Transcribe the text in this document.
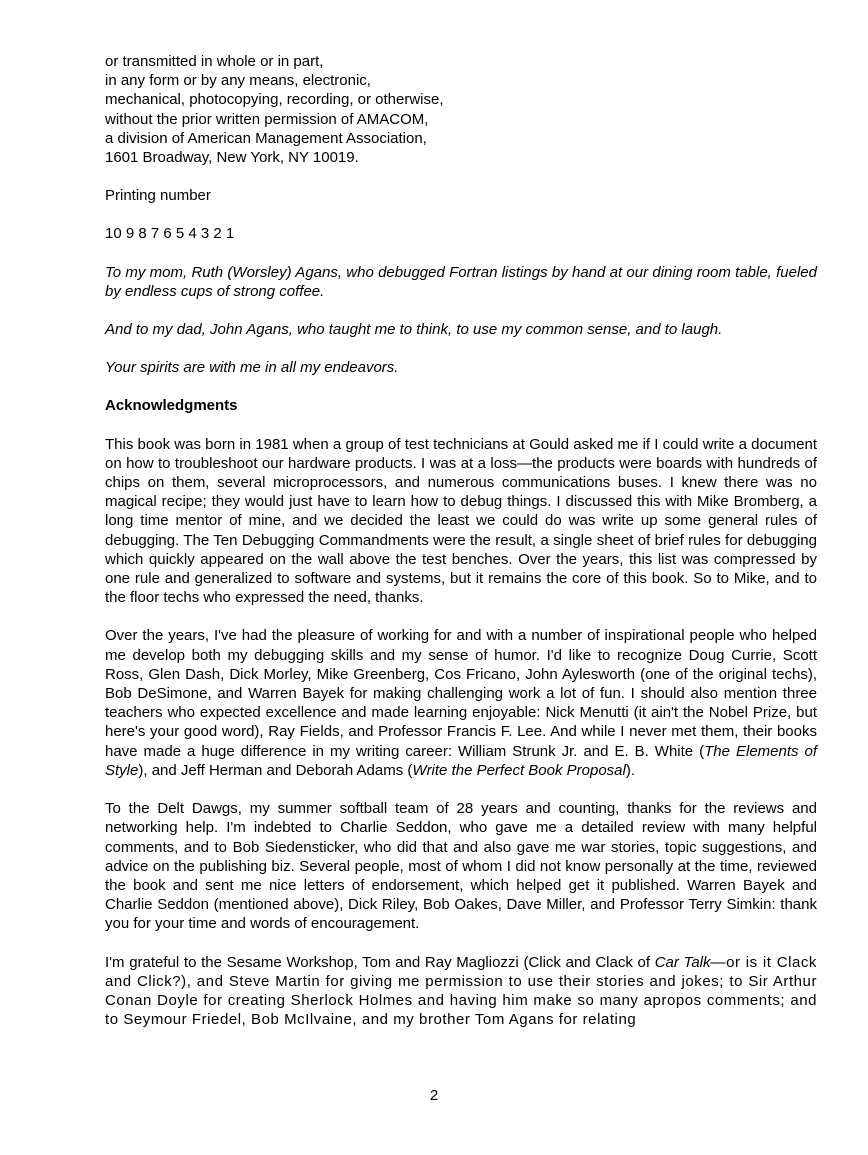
or transmitted in whole or in part,
in any form or by any means, electronic,
mechanical, photocopying, recording, or otherwise,
without the prior written permission of AMACOM,
a division of American Management Association,
1601 Broadway, New York, NY 10019.

Printing number

10 9 8 7 6 5 4 3 2 1

To my mom, Ruth (Worsley) Agans, who debugged Fortran listings by hand at our dining room table, fueled by endless cups of strong coffee.

And to my dad, John Agans, who taught me to think, to use my common sense, and to laugh.

Your spirits are with me in all my endeavors.

Acknowledgments

This book was born in 1981 when a group of test technicians at Gould asked me if I could write a document on how to troubleshoot our hardware products. I was at a loss—the products were boards with hundreds of chips on them, several microprocessors, and numerous communications buses. I knew there was no magical recipe; they would just have to learn how to debug things. I discussed this with Mike Bromberg, a long time mentor of mine, and we decided the least we could do was write up some general rules of debugging. The Ten Debugging Commandments were the result, a single sheet of brief rules for debugging which quickly appeared on the wall above the test benches. Over the years, this list was compressed by one rule and generalized to software and systems, but it remains the core of this book. So to Mike, and to the floor techs who expressed the need, thanks.

Over the years, I've had the pleasure of working for and with a number of inspirational people who helped me develop both my debugging skills and my sense of humor. I'd like to recognize Doug Currie, Scott Ross, Glen Dash, Dick Morley, Mike Greenberg, Cos Fricano, John Aylesworth (one of the original techs), Bob DeSimone, and Warren Bayek for making challenging work a lot of fun. I should also mention three teachers who expected excellence and made learning enjoyable: Nick Menutti (it ain't the Nobel Prize, but here's your good word), Ray Fields, and Professor Francis F. Lee. And while I never met them, their books have made a huge difference in my writing career: William Strunk Jr. and E. B. White (The Elements of Style), and Jeff Herman and Deborah Adams (Write the Perfect Book Proposal).

To the Delt Dawgs, my summer softball team of 28 years and counting, thanks for the reviews and networking help. I'm indebted to Charlie Seddon, who gave me a detailed review with many helpful comments, and to Bob Siedensticker, who did that and also gave me war stories, topic suggestions, and advice on the publishing biz. Several people, most of whom I did not know personally at the time, reviewed the book and sent me nice letters of endorsement, which helped get it published. Warren Bayek and Charlie Seddon (mentioned above), Dick Riley, Bob Oakes, Dave Miller, and Professor Terry Simkin: thank you for your time and words of encouragement.

I'm grateful to the Sesame Workshop, Tom and Ray Magliozzi (Click and Clack of Car Talk—or is it Clack and Click?), and Steve Martin for giving me permission to use their stories and jokes; to Sir Arthur Conan Doyle for creating Sherlock Holmes and having him make so many apropos comments; and to Seymour Friedel, Bob McIlvaine, and my brother Tom Agans for relating

2
